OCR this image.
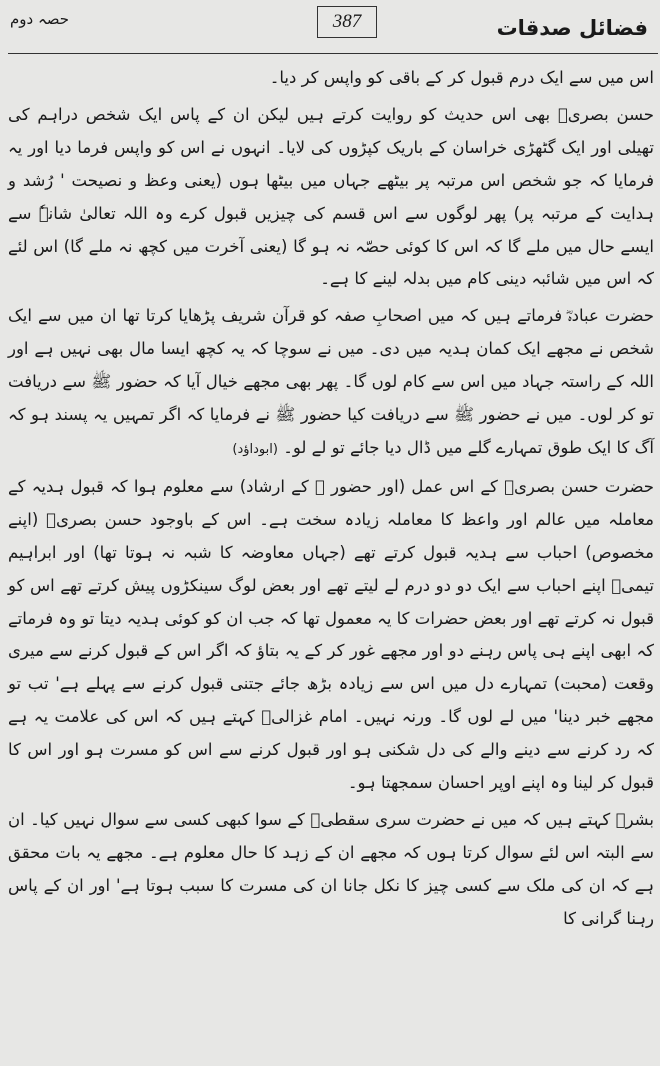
حصہ دوم	387	فضائل صدقات

اس میں سے ایک درم قبول کر کے باقی کو واپس کر دیا۔

حسن بصریؒ بھی اس حدیث کو روایت کرتے ہیں لیکن ان کے پاس ایک شخص دراہم کی تھیلی اور ایک گٹھڑی خراسان کے باریک کپڑوں کی لایا۔ انہوں نے اس کو واپس فرما دیا اور یہ فرمایا کہ جو شخص اس مرتبہ پر بیٹھے جہاں میں بیٹھا ہوں (یعنی وعظ و نصیحت ' رُشد و ہدایت کے مرتبہ پر) پھر لوگوں سے اس قسم کی چیزیں قبول کرے وہ اللہ تعالیٰ شانہٗ سے ایسے حال میں ملے گا کہ اس کا کوئی حصّہ نہ ہو گا (یعنی آخرت میں کچھ نہ ملے گا) اس لئے کہ اس میں شائبہ دینی کام میں بدلہ لینے کا ہے۔

حضرت عبادہؓ فرماتے ہیں کہ میں اصحابِ صفہ کو قرآن شریف پڑھایا کرتا تھا ان میں سے ایک شخص نے مجھے ایک کمان ہدیہ میں دی۔ میں نے سوچا کہ یہ کچھ ایسا مال بھی نہیں ہے اور اللہ کے راستہ جہاد میں اس سے کام لوں گا۔ پھر بھی مجھے خیال آیا کہ حضور ﷺ سے دریافت تو کر لوں۔ میں نے حضور ﷺ سے دریافت کیا حضور ﷺ نے فرمایا کہ اگر تمہیں یہ پسند ہو کہ آگ کا ایک طوق تمہارے گلے میں ڈال دیا جائے تو لے لو۔ (ابوداؤد)

حضرت حسن بصریؒ کے اس عمل (اور حضور ﷺ کے ارشاد) سے معلوم ہوا کہ قبول ہدیہ کے معاملہ میں عالم اور واعظ کا معاملہ زیادہ سخت ہے۔ اس کے باوجود حسن بصریؒ (اپنے مخصوص) احباب سے ہدیہ قبول کرتے تھے (جہاں معاوضہ کا شبہ نہ ہوتا تھا) اور ابراہیم تیمیؒ اپنے احباب سے ایک دو دو درم لے لیتے تھے اور بعض لوگ سینکڑوں پیش کرتے تھے اس کو قبول نہ کرتے تھے اور بعض حضرات کا یہ معمول تھا کہ جب ان کو کوئی ہدیہ دیتا تو وہ فرماتے کہ ابھی اپنے ہی پاس رہنے دو اور مجھے غور کر کے یہ بتاؤ کہ اگر اس کے قبول کرنے سے میری وقعت (محبت) تمہارے دل میں اس سے زیادہ بڑھ جائے جتنی قبول کرنے سے پہلے ہے' تب تو مجھے خبر دینا' میں لے لوں گا۔ ورنہ نہیں۔ امام غزالیؒ کہتے ہیں کہ اس کی علامت یہ ہے کہ رد کرنے سے دینے والے کی دل شکنی ہو اور قبول کرنے سے اس کو مسرت ہو اور اس کا قبول کر لینا وہ اپنے اوپر احسان سمجھتا ہو۔

بشرؒ کہتے ہیں کہ میں نے حضرت سری سقطیؒ کے سوا کبھی کسی سے سوال نہیں کیا۔ ان سے البتہ اس لئے سوال کرتا ہوں کہ مجھے ان کے زہد کا حال معلوم ہے۔ مجھے یہ بات محقق ہے کہ ان کی ملک سے کسی چیز کا نکل جانا ان کی مسرت کا سبب ہوتا ہے' اور ان کے پاس رہنا گرانی کا
